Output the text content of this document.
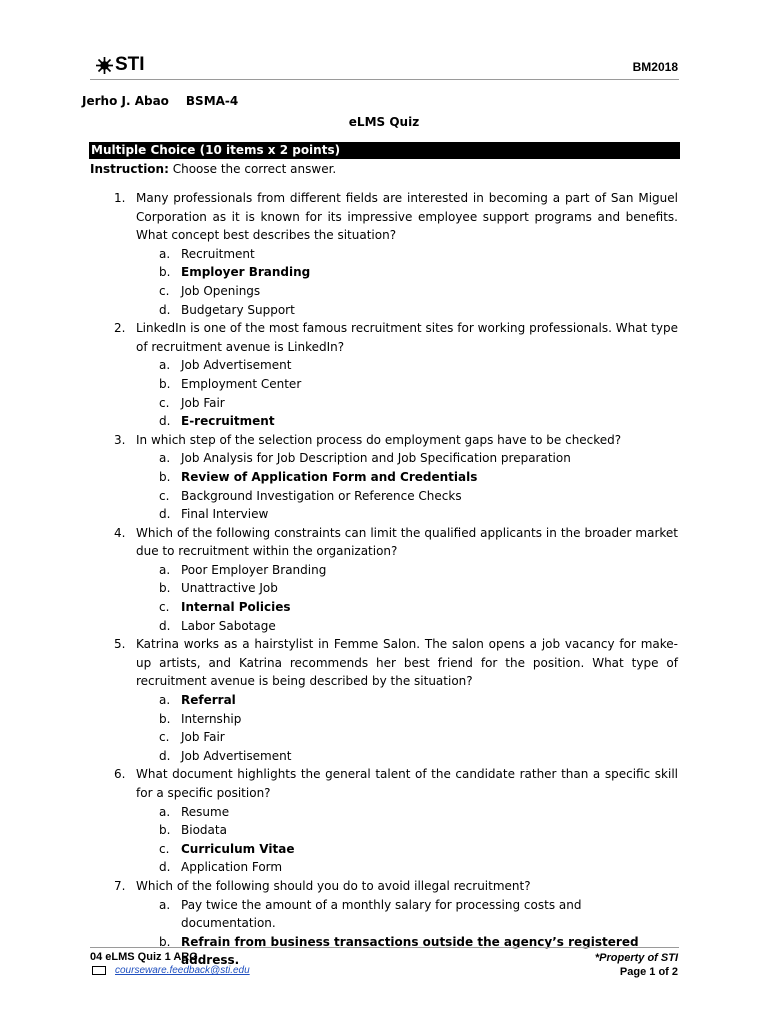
STI	BM2018
Jerho J. Abao BSMA-4
eLMS Quiz
Multiple Choice (10 items x 2 points)
Instruction: Choose the correct answer.
1. Many professionals from different fields are interested in becoming a part of San Miguel Corporation as it is known for its impressive employee support programs and benefits. What concept best describes the situation?
a. Recruitment
b. Employer Branding
c. Job Openings
d. Budgetary Support
2. LinkedIn is one of the most famous recruitment sites for working professionals. What type of recruitment avenue is LinkedIn?
a. Job Advertisement
b. Employment Center
c. Job Fair
d. E-recruitment
3. In which step of the selection process do employment gaps have to be checked?
a. Job Analysis for Job Description and Job Specification preparation
b. Review of Application Form and Credentials
c. Background Investigation or Reference Checks
d. Final Interview
4. Which of the following constraints can limit the qualified applicants in the broader market due to recruitment within the organization?
a. Poor Employer Branding
b. Unattractive Job
c. Internal Policies
d. Labor Sabotage
5. Katrina works as a hairstylist in Femme Salon. The salon opens a job vacancy for make-up artists, and Katrina recommends her best friend for the position. What type of recruitment avenue is being described by the situation?
a. Referral
b. Internship
c. Job Fair
d. Job Advertisement
6. What document highlights the general talent of the candidate rather than a specific skill for a specific position?
a. Resume
b. Biodata
c. Curriculum Vitae
d. Application Form
7. Which of the following should you do to avoid illegal recruitment?
a. Pay twice the amount of a monthly salary for processing costs and documentation.
b. Refrain from business transactions outside the agency’s registered address.
04 eLMS Quiz 1 ARG
courseware.feedback@sti.edu
*Property of STI
Page 1 of 2
